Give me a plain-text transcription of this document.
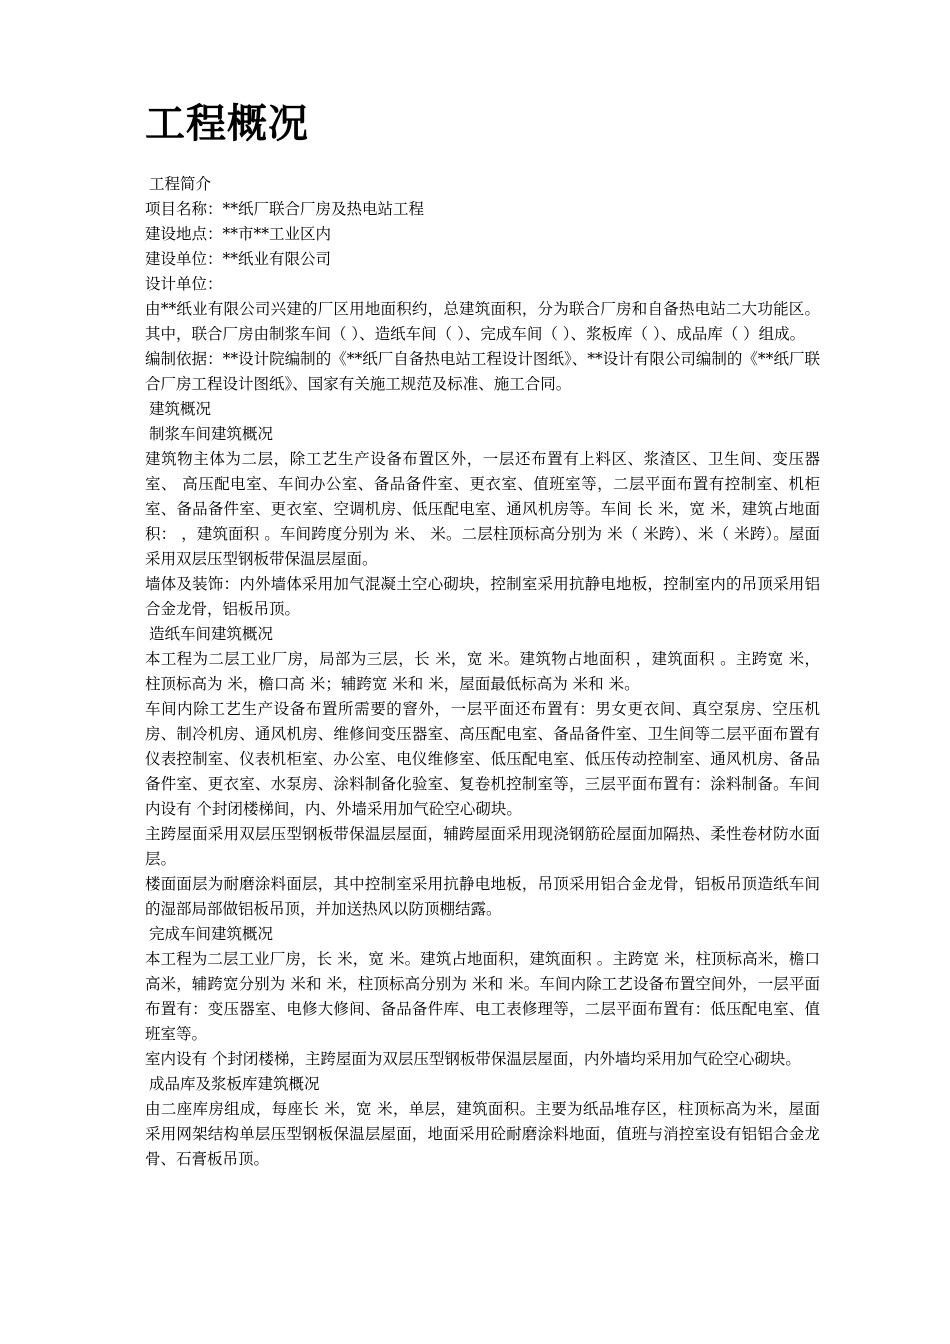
工程概况

工程简介

项目名称：**纸厂联合厂房及热电站工程

建设地点：**市**工业区内

建设单位：**纸业有限公司

设计单位：

由**纸业有限公司兴建的厂区用地面积约，总建筑面积，分为联合厂房和自备热电站二大功能区。其中，联合厂房由制浆车间（ ）、造纸车间（ ）、完成车间（ ）、浆板库（ ）、成品库（ ）组成。

编制依据：**设计院编制的《**纸厂自备热电站工程设计图纸》、**设计有限公司编制的《**纸厂联合厂房工程设计图纸》、国家有关施工规范及标准、施工合同。

建筑概况

制浆车间建筑概况

建筑物主体为二层，除工艺生产设备布置区外，一层还布置有上料区、浆渣区、卫生间、变压器室、 高压配电室、车间办公室、备品备件室、更衣室、值班室等，二层平面布置有控制室、机柜室、备品备件室、更衣室、空调机房、低压配电室、通风机房等。车间 长 米，宽 米，建筑占地面积： ，建筑面积 。车间跨度分别为 米、 米。二层柱顶标高分别为 米（ 米跨）、米（ 米跨）。屋面采用双层压型钢板带保温层屋面。

墙体及装饰：内外墙体采用加气混凝土空心砌块，控制室采用抗静电地板，控制室内的吊顶采用铝合金龙骨，铝板吊顶。

造纸车间建筑概况

本工程为二层工业厂房，局部为三层，长 米，宽 米。建筑物占地面积 ，建筑面积 。主跨宽 米，柱顶标高为 米，檐口高 米；辅跨宽 米和 米，屋面最低标高为 米和 米。

车间内除工艺生产设备布置所需要的窨外，一层平面还布置有：男女更衣间、真空泵房、空压机房、制冷机房、通风机房、维修间变压器室、高压配电室、备品备件室、卫生间等二层平面布置有仪表控制室、仪表机柜室、办公室、电仪维修室、低压配电室、低压传动控制室、通风机房、备品备件室、更衣室、水泵房、涂料制备化验室、复卷机控制室等，三层平面布置有：涂料制备。车间内设有 个封闭楼梯间，内、外墙采用加气砼空心砌块。

主跨屋面采用双层压型钢板带保温层屋面，辅跨屋面采用现浇钢筋砼屋面加隔热、柔性卷材防水面层。

楼面面层为耐磨涂料面层，其中控制室采用抗静电地板，吊顶采用铝合金龙骨，铝板吊顶造纸车间的湿部局部做铝板吊顶，并加送热风以防顶棚结露。

完成车间建筑概况

本工程为二层工业厂房，长 米，宽 米。建筑占地面积，建筑面积 。主跨宽 米，柱顶标高米，檐口高米，辅跨宽分别为 米和 米，柱顶标高分别为 米和 米。车间内除工艺设备布置空间外，一层平面布置有：变压器室、电修大修间、备品备件库、电工表修理等，二层平面布置有：低压配电室、值班室等。

室内设有 个封闭楼梯，主跨屋面为双层压型钢板带保温层屋面，内外墙均采用加气砼空心砌块。

成品库及浆板库建筑概况

由二座库房组成，每座长 米，宽 米，单层，建筑面积。主要为纸品堆存区，柱顶标高为米，屋面采用网架结构单层压型钢板保温层屋面，地面采用砼耐磨涂料地面，值班与消控室设有铝铝合金龙骨、石膏板吊顶。
